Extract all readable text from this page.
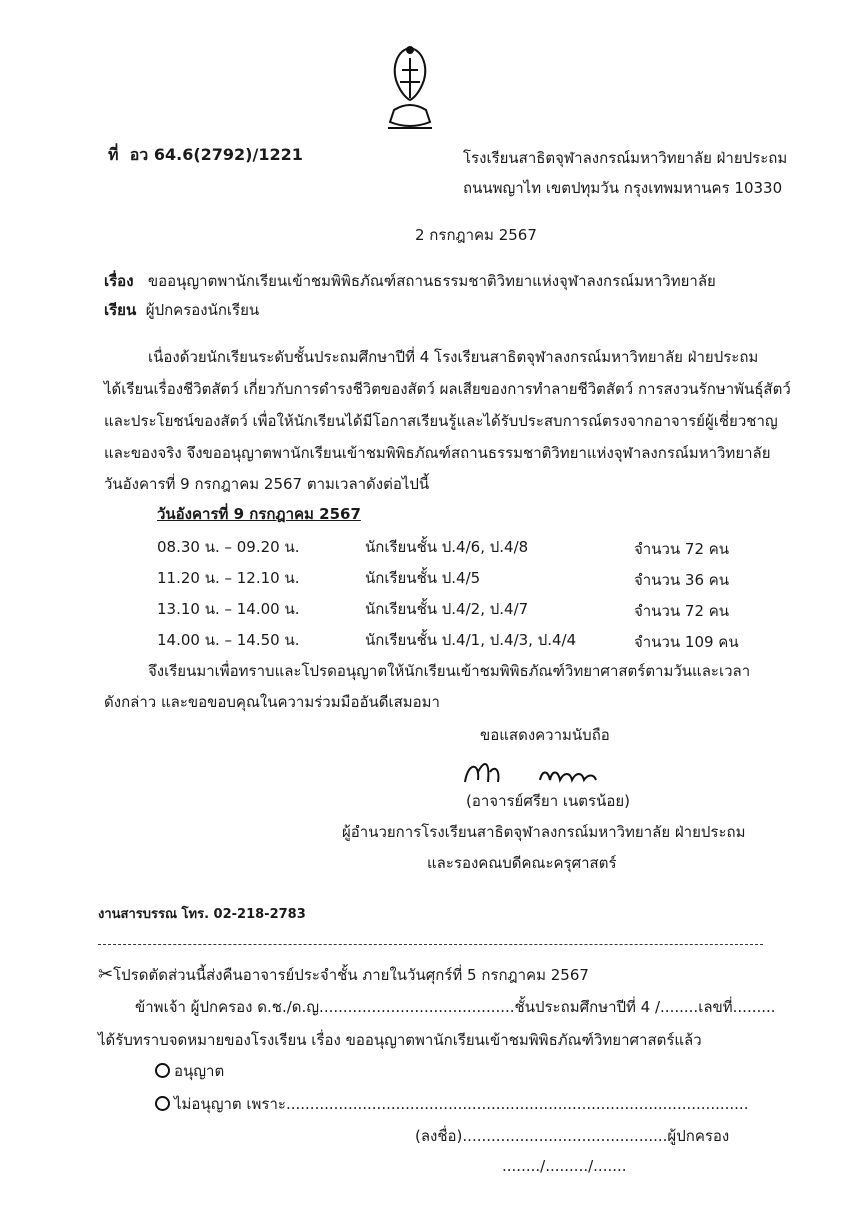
ที่ อว 64.6(2792)/1221	โรงเรียนสาธิตจุฬาลงกรณ์มหาวิทยาลัย ฝ่ายประถม
ถนนพญาไท เขตปทุมวัน กรุงเทพมหานคร 10330
2 กรกฎาคม 2567
เรื่อง ขออนุญาตพานักเรียนเข้าชมพิพิธภัณฑ์สถานธรรมชาติวิทยาแห่งจุฬาลงกรณ์มหาวิทยาลัย
เรียน ผู้ปกครองนักเรียน
เนื่องด้วยนักเรียนระดับชั้นประถมศึกษาปีที่ 4 โรงเรียนสาธิตจุฬาลงกรณ์มหาวิทยาลัย ฝ่ายประถม
ได้เรียนเรื่องชีวิตสัตว์ เกี่ยวกับการดำรงชีวิตของสัตว์ ผลเสียของการทำลายชีวิตสัตว์ การสงวนรักษาพันธุ์สัตว์
และประโยชน์ของสัตว์ เพื่อให้นักเรียนได้มีโอกาสเรียนรู้และได้รับประสบการณ์ตรงจากอาจารย์ผู้เชี่ยวชาญ
และของจริง จึงขออนุญาตพานักเรียนเข้าชมพิพิธภัณฑ์สถานธรรมชาติวิทยาแห่งจุฬาลงกรณ์มหาวิทยาลัย
วันอังคารที่ 9 กรกฎาคม 2567 ตามเวลาดังต่อไปนี้
วันอังคารที่ 9 กรกฎาคม 2567
08.30 น. – 09.20 น.	นักเรียนชั้น ป.4/6, ป.4/8	จำนวน 72 คน
11.20 น. – 12.10 น.	นักเรียนชั้น ป.4/5	จำนวน 36 คน
13.10 น. – 14.00 น.	นักเรียนชั้น ป.4/2, ป.4/7	จำนวน 72 คน
14.00 น. – 14.50 น.	นักเรียนชั้น ป.4/1, ป.4/3, ป.4/4	จำนวน 109 คน
จึงเรียนมาเพื่อทราบและโปรดอนุญาตให้นักเรียนเข้าชมพิพิธภัณฑ์วิทยาศาสตร์ตามวันและเวลา
ดังกล่าว และขอขอบคุณในความร่วมมืออันดีเสมอมา
ขอแสดงความนับถือ
(อาจารย์ศรียา เนตรน้อย)
ผู้อำนวยการโรงเรียนสาธิตจุฬาลงกรณ์มหาวิทยาลัย ฝ่ายประถม
และรองคณบดีคณะครุศาสตร์
งานสารบรรณ โทร. 02-218-2783
✂โปรดตัดส่วนนี้ส่งคืนอาจารย์ประจำชั้น ภายในวันศุกร์ที่ 5 กรกฎาคม 2567
ข้าพเจ้า ผู้ปกครอง ด.ช./ด.ญ.........................................ชั้นประถมศึกษาปีที่ 4 /........เลขที่.........
ได้รับทราบจดหมายของโรงเรียน เรื่อง ขออนุญาตพานักเรียนเข้าชมพิพิธภัณฑ์วิทยาศาสตร์แล้ว
อนุญาต
ไม่อนุญาต เพราะ.................................................................................................
(ลงชื่อ)...........................................ผู้ปกครอง
......../........./.......
